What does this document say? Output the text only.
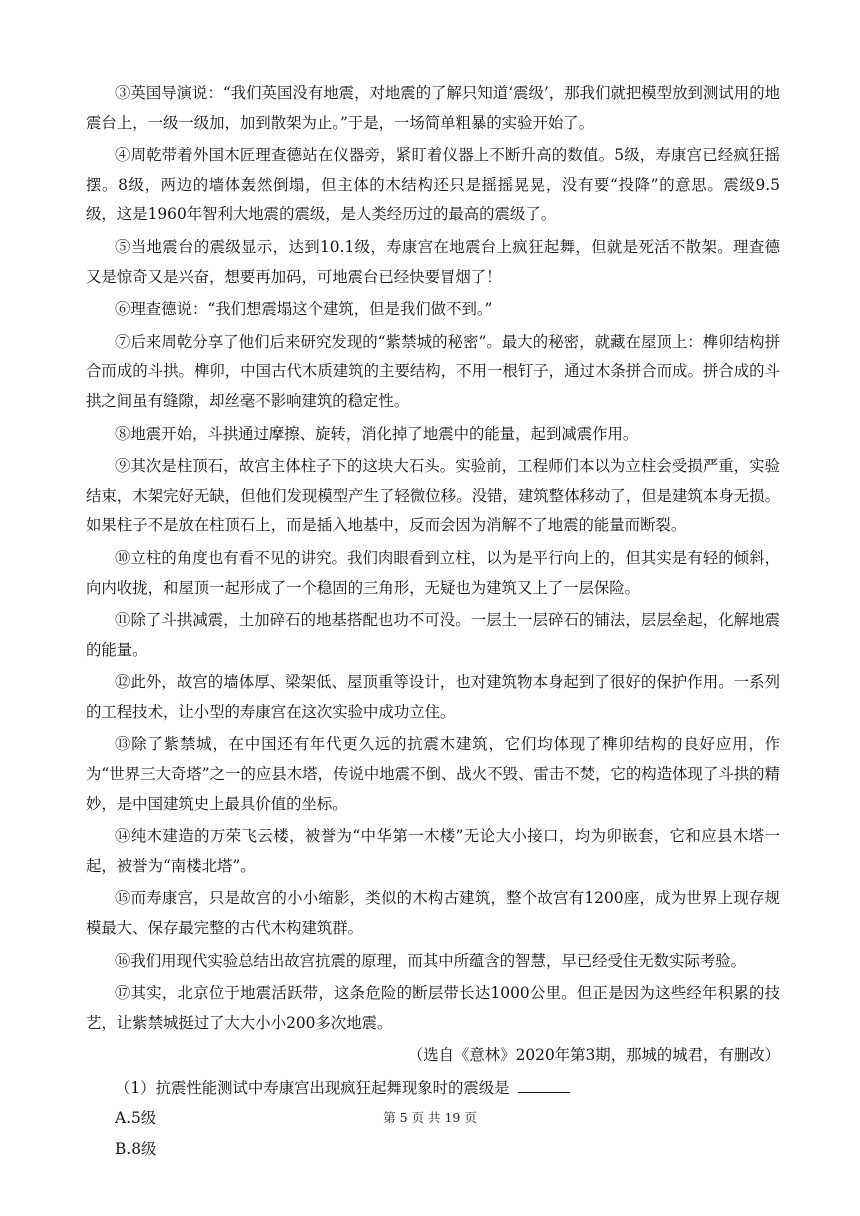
③英国导演说：“我们英国没有地震，对地震的了解只知道‘震级’，那我们就把模型放到测试用的地震台上，一级一级加，加到散架为止。”于是，一场简单粗暴的实验开始了。

④周乾带着外国木匠理查德站在仪器旁，紧盯着仪器上不断升高的数值。5级，寿康宫已经疯狂摇摆。8级，两边的墙体轰然倒塌，但主体的木结构还只是摇摇晃晃，没有要“投降”的意思。震级9.5级，这是1960年智利大地震的震级，是人类经历过的最高的震级了。

⑤当地震台的震级显示，达到10.1级，寿康宫在地震台上疯狂起舞，但就是死活不散架。理查德又是惊奇又是兴奋，想要再加码，可地震台已经快要冒烟了！

⑥理查德说：“我们想震塌这个建筑，但是我们做不到。”

⑦后来周乾分享了他们后来研究发现的“紫禁城的秘密”。最大的秘密，就藏在屋顶上：榫卯结构拼合而成的斗拱。榫卯，中国古代木质建筑的主要结构，不用一根钉子，通过木条拼合而成。拼合成的斗拱之间虽有缝隙，却丝毫不影响建筑的稳定性。

⑧地震开始，斗拱通过摩擦、旋转，消化掉了地震中的能量，起到减震作用。

⑨其次是柱顶石，故宫主体柱子下的这块大石头。实验前，工程师们本以为立柱会受损严重，实验结束，木架完好无缺，但他们发现模型产生了轻微位移。没错，建筑整体移动了，但是建筑本身无损。如果柱子不是放在柱顶石上，而是插入地基中，反而会因为消解不了地震的能量而断裂。

⑩立柱的角度也有看不见的讲究。我们肉眼看到立柱，以为是平行向上的，但其实是有轻的倾斜，向内收拢，和屋顶一起形成了一个稳固的三角形，无疑也为建筑又上了一层保险。

⑪除了斗拱减震，土加碎石的地基搭配也功不可没。一层土一层碎石的铺法，层层垒起，化解地震的能量。

⑫此外，故宫的墙体厚、梁架低、屋顶重等设计，也对建筑物本身起到了很好的保护作用。一系列的工程技术，让小型的寿康宫在这次实验中成功立住。

⑬除了紫禁城，在中国还有年代更久远的抗震木建筑，它们均体现了榫卯结构的良好应用，作为“世界三大奇塔”之一的应县木塔，传说中地震不倒、战火不毁、雷击不焚，它的构造体现了斗拱的精妙，是中国建筑史上最具价值的坐标。

⑭纯木建造的万荣飞云楼，被誉为“中华第一木楼”无论大小接口，均为卯嵌套，它和应县木塔一起，被誉为“南楼北塔”。

⑮而寿康宫，只是故宫的小小缩影，类似的木构古建筑，整个故宫有1200座，成为世界上现存规模最大、保存最完整的古代木构建筑群。

⑯我们用现代实验总结出故宫抗震的原理，而其中所蕴含的智慧，早已经受住无数实际考验。

⑰其实，北京位于地震活跃带，这条危险的断层带长达1000公里。但正是因为这些经年积累的技艺，让紫禁城挺过了大大小小200多次地震。

（选自《意林》2020年第3期，那城的城君，有删改）

（1）抗震性能测试中寿康宫出现疯狂起舞现象时的震级是

A.5级

B.8级

第 5 页 共 19 页
